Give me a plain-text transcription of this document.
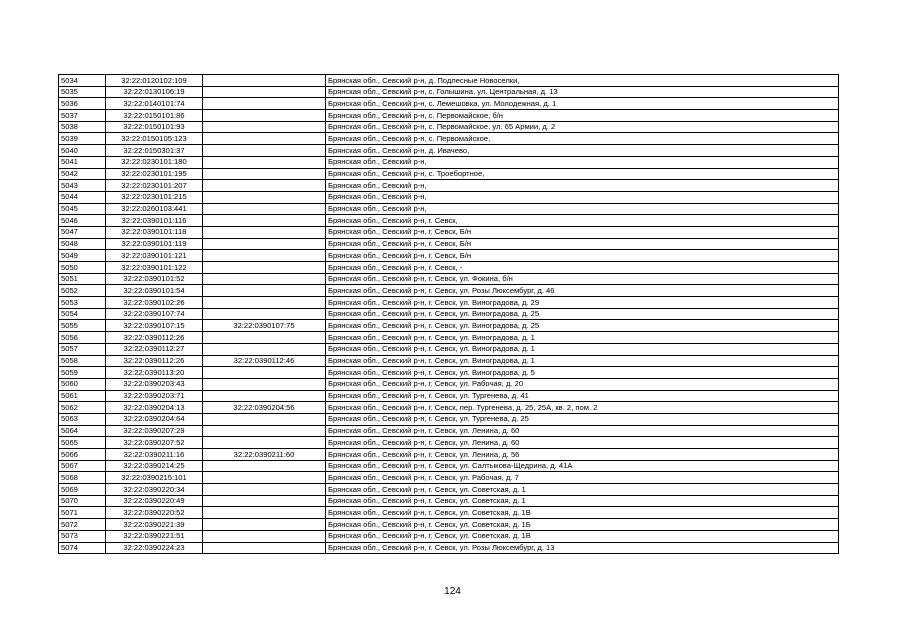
5034	32:22:0120102:109		Брянская обл., Севский р-н, д. Подлесные Новоселки,
5035	32:22:0130106:19		Брянская обл., Севский р-н, с. Голышина, ул. Центральная, д. 13
5036	32:22:0140101:74		Брянская обл., Севский р-н, с. Лемешовка, ул. Молодежная, д. 1
5037	32:22:0150101:86		Брянская обл., Севский р-н, с. Первомайское, б/н
5038	32:22:0150101:93		Брянская обл., Севский р-н, с. Первомайское, ул. 65 Армии, д. 2
5039	32:22:0150105:123		Брянская обл., Севский р-н, с. Первомайское,
5040	32:22:0150301:37		Брянская обл., Севский р-н, д. Ивачево,
5041	32:22:0230101:180		Брянская обл., Севский р-н,
5042	32:22:0230101:195		Брянская обл., Севский р-н, с. Троебортное,
5043	32:22:0230101:207		Брянская обл., Севский р-н,
5044	32:22:0230101:215		Брянская обл., Севский р-н,
5045	32:22:0260103:441		Брянская обл., Севский р-н,
5046	32:22:0390101:116		Брянская обл., Севский р-н, г. Севск,
5047	32:22:0390101:118		Брянская обл., Севский р-н, г. Севск, Б/н
5048	32:22:0390101:119		Брянская обл., Севский р-н, г. Севск, Б/н
5049	32:22:0390101:121		Брянская обл., Севский р-н, г. Севск, Б/н
5050	32:22:0390101:122		Брянская обл., Севский р-н, г. Севск, -
5051	32:22:0390101:52		Брянская обл., Севский р-н, г. Севск, ул. Фокина, б/н
5052	32:22:0390101:54		Брянская обл., Севский р-н, г. Севск, ул. Розы Люксембург, д. 46
5053	32:22:0390102:26		Брянская обл., Севский р-н, г. Севск, ул. Виноградова, д. 29
5054	32:22:0390107:74		Брянская обл., Севский р-н, г. Севск, ул. Виноградова, д. 25
5055	32:22:0390107:15	32:22:0390107:75	Брянская обл., Севский р-н, г. Севск, ул. Виноградова, д. 25
5056	32:22:0390112:26		Брянская обл., Севский р-н, г. Севск, ул. Виноградова, д. 1
5057	32:22:0390112:27		Брянская обл., Севский р-н, г. Севск, ул. Виноградова, д. 1
5058	32:22:0390112:26	32:22:0390112:46	Брянская обл., Севский р-н, г. Севск, ул. Виноградова, д. 1
5059	32:22:0390113:20		Брянская обл., Севский р-н, г. Севск, ул. Виноградова, д. 5
5060	32:22:0390203:43		Брянская обл., Севский р-н, г. Севск, ул. Рабочая, д. 20
5061	32:22:0390203:71		Брянская обл., Севский р-н, г. Севск, ул. Тургенева, д. 41
5062	32:22:0390204:13	32:22:0390204:56	Брянская обл., Севский р-н, г. Севск, пер. Тургенева, д. 25, 25А, кв. 2, пом. 2
5063	32:22:0390204:64		Брянская обл., Севский р-н, г. Севск, ул. Тургенева, д. 25
5064	32:22:0390207:29		Брянская обл., Севский р-н, г. Севск, ул. Ленина, д. 60
5065	32:22:0390207:52		Брянская обл., Севский р-н, г. Севск, ул. Ленина, д. 60
5066	32:22:0390211:16	32:22:0390211:60	Брянская обл., Севский р-н, г. Севск, ул. Ленина, д. 56
5067	32:22:0390214:25		Брянская обл., Севский р-н, г. Севск, ул. Салтыкова-Щедрина, д. 41А
5068	32:22:0390215:101		Брянская обл., Севский р-н, г. Севск, ул. Рабочая, д. 7
5069	32:22:0390220:34		Брянская обл., Севский р-н, г. Севск, ул. Советская, д. 1
5070	32:22:0390220:49		Брянская обл., Севский р-н, г. Севск, ул. Советская, д. 1
5071	32:22:0390220:52		Брянская обл., Севский р-н, г. Севск, ул. Советская, д. 1В
5072	32:22:0390221:39		Брянская обл., Севский р-н, г. Севск, ул. Советская, д. 1Б
5073	32:22:0390221:51		Брянская обл., Севский р-н, г. Севск, ул. Советская, д. 1В
5074	32:22:0390224:23		Брянская обл., Севский р-н, г. Севск, ул. Розы Люксембург, д. 13
124
